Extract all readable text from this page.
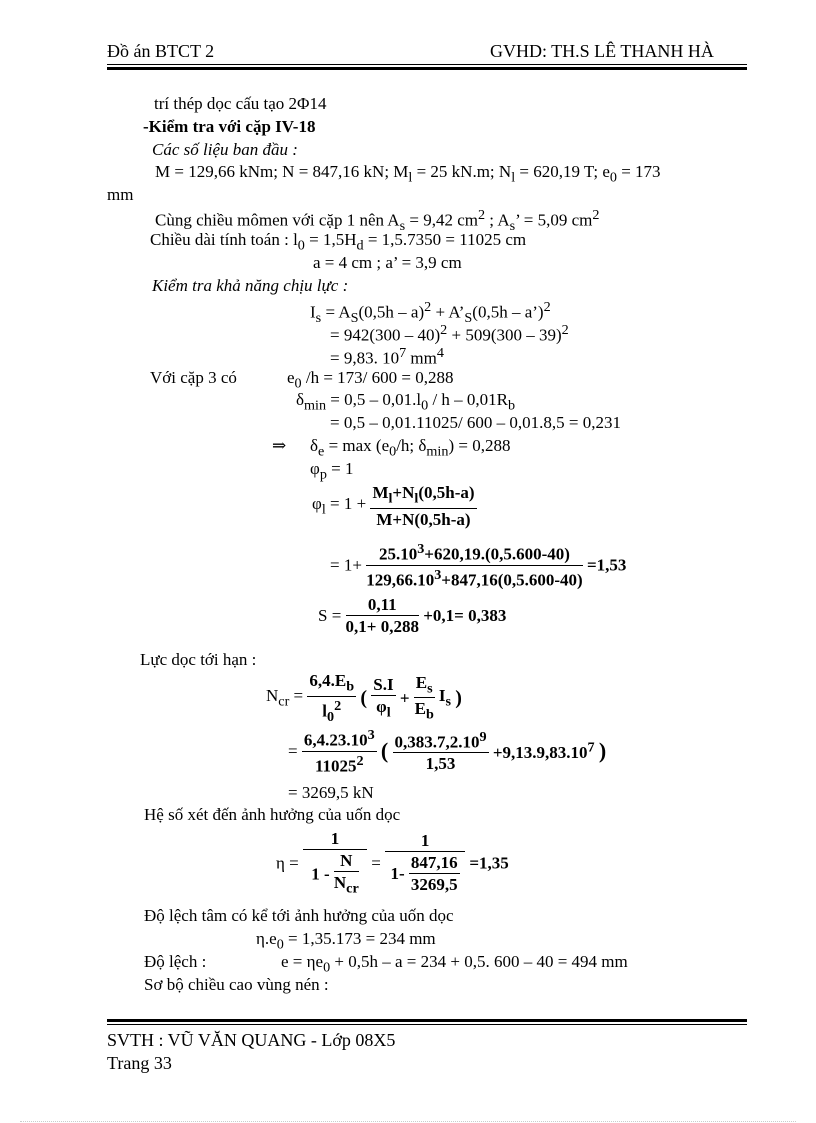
Đồ án BTCT 2	GVHD: TH.S LÊ THANH HÀ
trí thép dọc cấu tạo 2Φ14
-Kiểm tra với cặp IV-18
Các số liệu ban đầu :
M = 129,66 kNm; N = 847,16 kN; $M_l = 25$ kN.m; $N_l = 620,19$ T; $e_0 = 173$
mm
Cùng chiều mômen với cặp 1 nên $A_s = 9,42$ $cm^2$ ; $A_s$’ = 5,09 $cm^2$
Chiều dài tính toán : $l_0 = 1,5H_d = 1,5.7350 = 11025$ cm
a = 4 cm ; a’ = 3,9 cm
Kiểm tra khả năng chịu lực :
$I_s = A_S(0,5h - a)^2$ + $A’_S(0,5h$ – a’)$^2$
= 942(300 – 40)$^2$ + 509(300 – 39)$^2$
= 9,83. $10^7$ $mm^4$
Với cặp 3 có	$e_0$ /h = 173/ 600 = 0,288
$\delta_{min} = 0,5 - 0,01.l_0 / h - 0,01R_b$
= 0,5 – 0,01.11025/ 600 – 0,01.8,5 = 0,231
⇒ $\delta_e = \max (e_0/h$; $\delta_{min}) = 0,288$
$\varphi_p = 1$
$\varphi_l = 1 + \frac{M_l+N_l(0,5h-a)}{M+N(0,5h-a)}$
= $1+ \frac{25.10^3+620,19.(0,5.600-40)}{129,66.10^3+847,16(0,5.600-40)} =1,53$
$S = \frac{0,11}{0,1+ 0,288} +0,1= 0,383$
Lực dọc tới hạn :
$N_{cr} = \frac{6,4.E_b}{l_0^2}$ ( $\frac{S.I}{\varphi_l} + \frac{E_s}{E_b} I_s$ )
= $\frac{6,4.23.10^3}{11025^2}$ ( $\frac{0,383.7,2.10^9}{1,53} +9,13.9,83.10^7$ )
= 3269,5 kN
Hệ số xét đến ảnh hưởng của uốn dọc
$\eta = \frac{1}{1 - \frac{N}{N_{cr}}} = \frac{1}{1- \frac{847,16}{3269,5}} =1,35$
Độ lệch tâm có kể tới ảnh hưởng của uốn dọc
$\eta.e_0 = 1,35.173 = 234$ mm
Độ lệch :	$e = \eta e_0 + 0,5h - a = 234 + 0,5$. 600 – 40 = 494 mm
Sơ bộ chiều cao vùng nén :
SVTH : VŨ VĂN QUANG - Lớp 08X5
Trang 33
